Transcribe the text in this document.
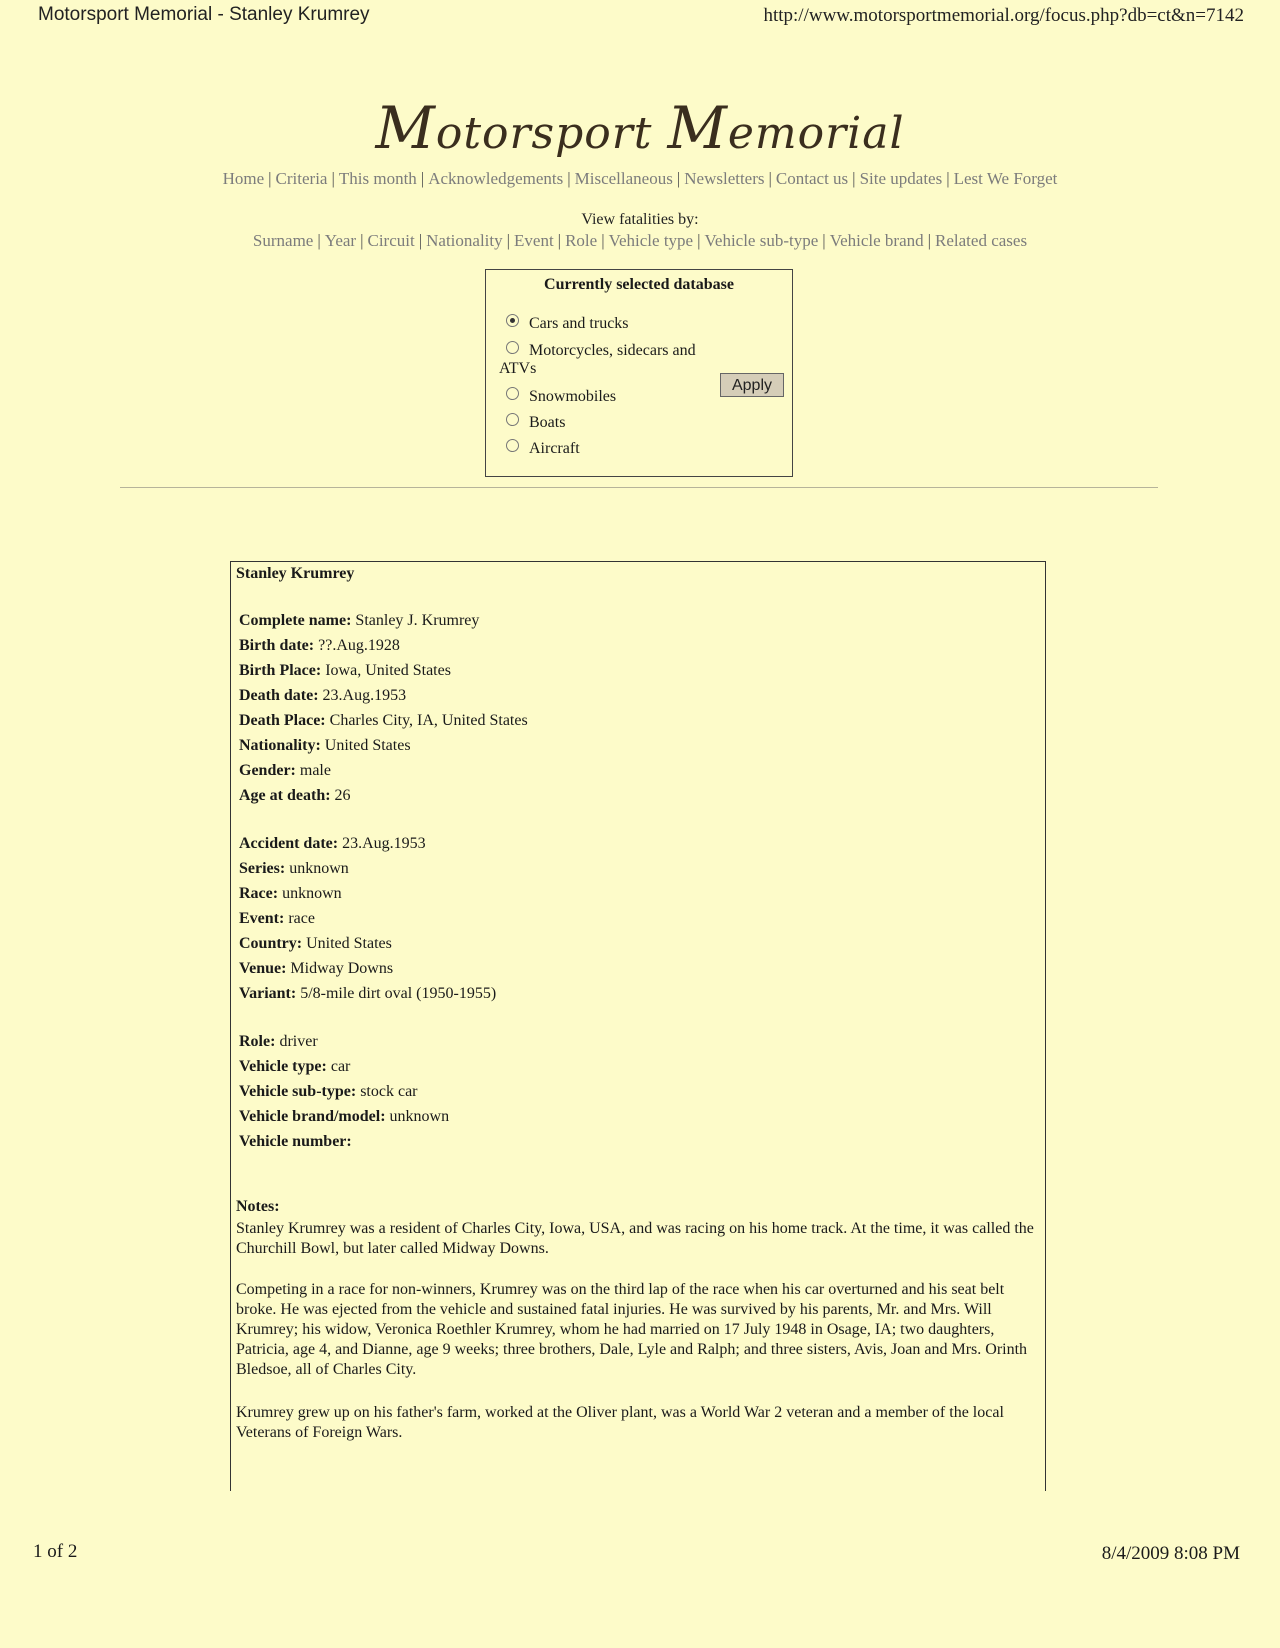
Motorsport Memorial - Stanley Krumrey	http://www.motorsportmemorial.org/focus.php?db=ct&n=7142
Motorsport Memorial
Home | Criteria | This month | Acknowledgements | Miscellaneous | Newsletters | Contact us | Site updates | Lest We Forget
View fatalities by:
Surname | Year | Circuit | Nationality | Event | Role | Vehicle type | Vehicle sub-type | Vehicle brand | Related cases
Currently selected database
Cars and trucks
Motorcycles, sidecars and
ATVs
Snowmobiles
Boats
Aircraft
Apply
Stanley Krumrey
Complete name: Stanley J. Krumrey
Birth date: ??.Aug.1928
Birth Place: Iowa, United States
Death date: 23.Aug.1953
Death Place: Charles City, IA, United States
Nationality: United States
Gender: male
Age at death: 26
Accident date: 23.Aug.1953
Series: unknown
Race: unknown
Event: race
Country: United States
Venue: Midway Downs
Variant: 5/8-mile dirt oval (1950-1955)
Role: driver
Vehicle type: car
Vehicle sub-type: stock car
Vehicle brand/model: unknown
Vehicle number:
Notes:
Stanley Krumrey was a resident of Charles City, Iowa, USA, and was racing on his home track. At the time, it was called the Churchill Bowl, but later called Midway Downs.
Competing in a race for non-winners, Krumrey was on the third lap of the race when his car overturned and his seat belt broke. He was ejected from the vehicle and sustained fatal injuries. He was survived by his parents, Mr. and Mrs. Will Krumrey; his widow, Veronica Roethler Krumrey, whom he had married on 17 July 1948 in Osage, IA; two daughters, Patricia, age 4, and Dianne, age 9 weeks; three brothers, Dale, Lyle and Ralph; and three sisters, Avis, Joan and Mrs. Orinth Bledsoe, all of Charles City.
Krumrey grew up on his father's farm, worked at the Oliver plant, was a World War 2 veteran and a member of the local Veterans of Foreign Wars.
1 of 2	8/4/2009 8:08 PM
